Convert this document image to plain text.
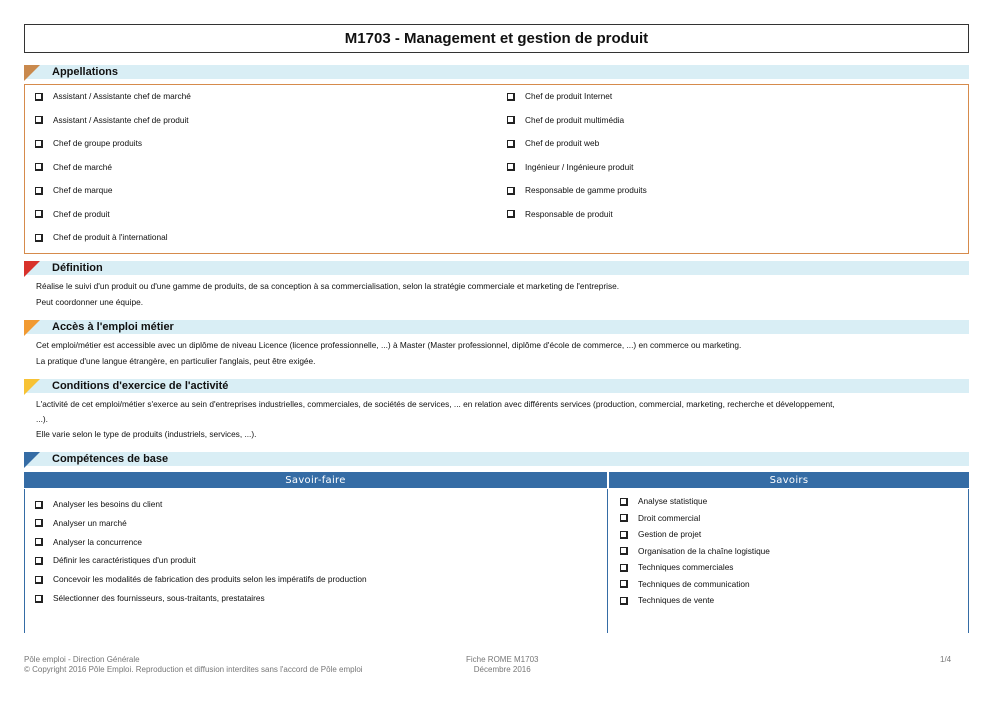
M1703 - Management et gestion de produit
Appellations
Assistant / Assistante chef de marché
Assistant / Assistante chef de produit
Chef de groupe produits
Chef de marché
Chef de marque
Chef de produit
Chef de produit à l'international
Chef de produit Internet
Chef de produit multimédia
Chef de produit web
Ingénieur / Ingénieure produit
Responsable de gamme produits
Responsable de produit
Définition
Réalise le suivi d'un produit ou d'une gamme de produits, de sa conception à sa commercialisation, selon la stratégie commerciale et marketing de l'entreprise.
Peut coordonner une équipe.
Accès à l'emploi métier
Cet emploi/métier est accessible avec un diplôme de niveau Licence (licence professionnelle, ...) à Master (Master professionnel, diplôme d'école de commerce, ...) en commerce ou marketing.
La pratique d'une langue étrangère, en particulier l'anglais, peut être exigée.
Conditions d'exercice de l'activité
L'activité de cet emploi/métier s'exerce au sein d'entreprises industrielles, commerciales, de sociétés de services, ... en relation avec différents services (production, commercial, marketing, recherche et développement,
...).
Elle varie selon le type de produits (industriels, services, ...).
Compétences de base
Savoir-faire	Savoirs
Analyser les besoins du client
Analyser un marché
Analyser la concurrence
Définir les caractéristiques d'un produit
Concevoir les modalités de fabrication des produits selon les impératifs de production
Sélectionner des fournisseurs, sous-traitants, prestataires
Analyse statistique
Droit commercial
Gestion de projet
Organisation de la chaîne logistique
Techniques commerciales
Techniques de communication
Techniques de vente
Pôle emploi - Direction Générale
© Copyright 2016 Pôle Emploi. Reproduction et diffusion interdites sans l'accord de Pôle emploi
Fiche ROME M1703
Décembre 2016
1/4
